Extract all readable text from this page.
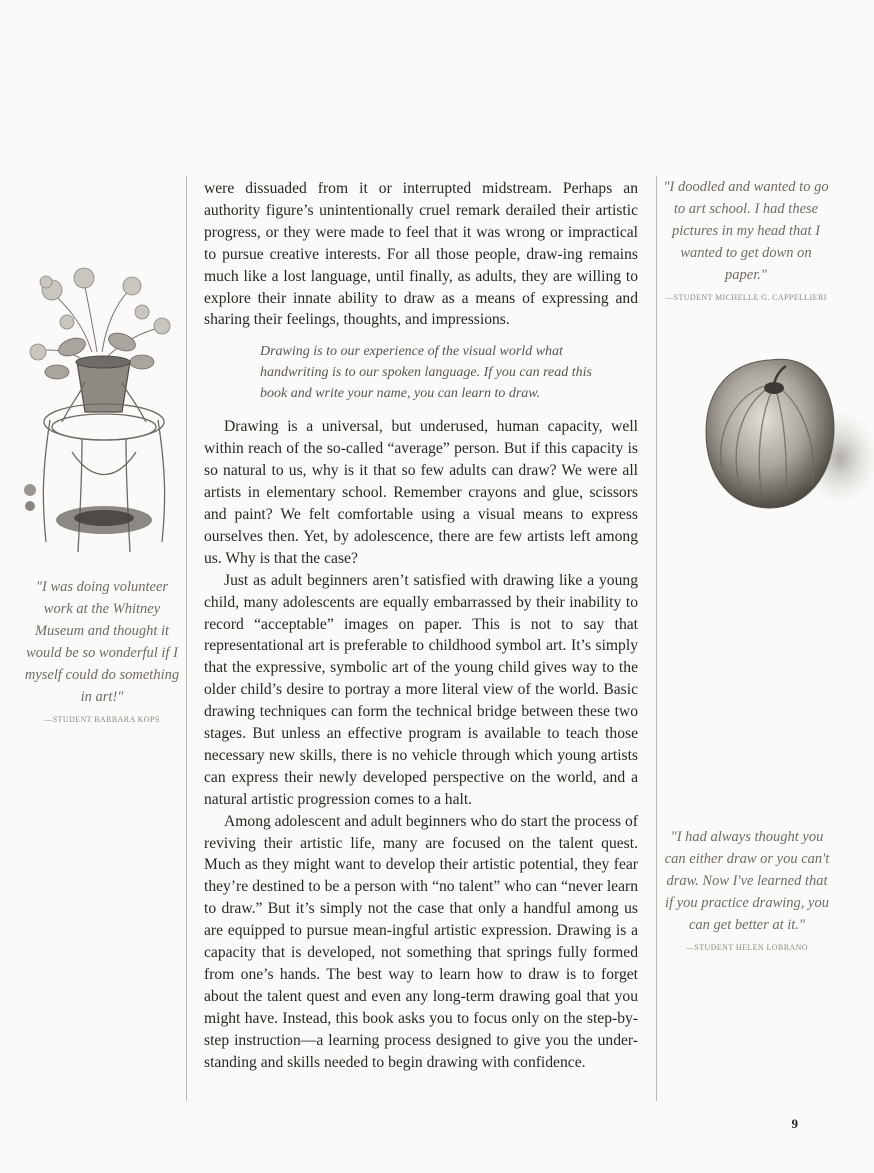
"I was doing volunteer work at the Whitney Museum and thought it would be so wonderful if I myself could do something in art!"
—STUDENT BARBARA KOPS
"I doodled and wanted to go to art school. I had these pictures in my head that I wanted to get down on paper."
—STUDENT MICHELLE G. CAPPELLIERI
"I had always thought you can either draw or you can't draw. Now I've learned that if you practice drawing, you can get better at it."
—STUDENT HELEN LOBRANO

were dissuaded from it or interrupted midstream. Perhaps an authority figure’s unintentionally cruel remark derailed their artistic progress, or they were made to feel that it was wrong or impractical to pursue creative interests. For all those people, draw-ing remains much like a lost language, until finally, as adults, they are willing to explore their innate ability to draw as a means of expressing and sharing their feelings, thoughts, and impressions.

Drawing is to our experience of the visual world what handwriting is to our spoken language. If you can read this book and write your name, you can learn to draw.

Drawing is a universal, but underused, human capacity, well within reach of the so-called “average” person. But if this capacity is so natural to us, why is it that so few adults can draw? We were all artists in elementary school. Remember crayons and glue, scissors and paint? We felt comfortable using a visual means to express ourselves then. Yet, by adolescence, there are few artists left among us. Why is that the case?

Just as adult beginners aren’t satisfied with drawing like a young child, many adolescents are equally embarrassed by their inability to record “acceptable” images on paper. This is not to say that representational art is preferable to childhood symbol art. It’s simply that the expressive, symbolic art of the young child gives way to the older child’s desire to portray a more literal view of the world. Basic drawing techniques can form the technical bridge between these two stages. But unless an effective program is available to teach those necessary new skills, there is no vehicle through which young artists can express their newly developed perspective on the world, and a natural artistic progression comes to a halt.

Among adolescent and adult beginners who do start the process of reviving their artistic life, many are focused on the talent quest. Much as they might want to develop their artistic potential, they fear they’re destined to be a person with “no talent” who can “never learn to draw.” But it’s simply not the case that only a handful among us are equipped to pursue mean-ingful artistic expression. Drawing is a capacity that is developed, not something that springs fully formed from one’s hands. The best way to learn how to draw is to forget about the talent quest and even any long-term drawing goal that you might have. Instead, this book asks you to focus only on the step-by-step instruction—a learning process designed to give you the under-standing and skills needed to begin drawing with confidence.

9
